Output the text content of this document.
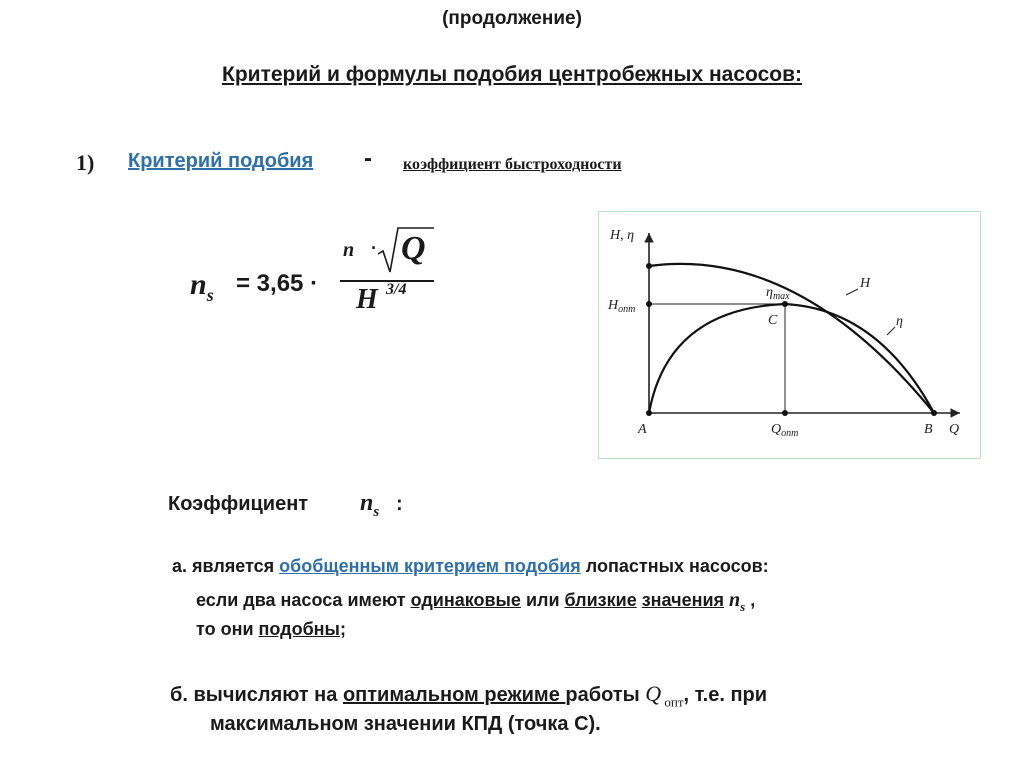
(продолжение)
Критерий и формулы подобия центробежных насосов:
1) Критерий подобия - коэффициент быстроходности
$n_s = 3,65$ ·
n · Q
H 3/4
H, η
$H_{опт}$
$\eta_{max}$
C
H
η
A	$Q_{опт}$	B Q
Коэффициент $n_s$ :
а. является обобщенным критерием подобия лопастных насосов:
если два насоса имеют одинаковые или близкие значения $n_s$ ,
то они подобны;
б. вычисляют на оптимальном режиме работы Q $_{опт}$, т.е. при
максимальном значении КПД (точка С).
